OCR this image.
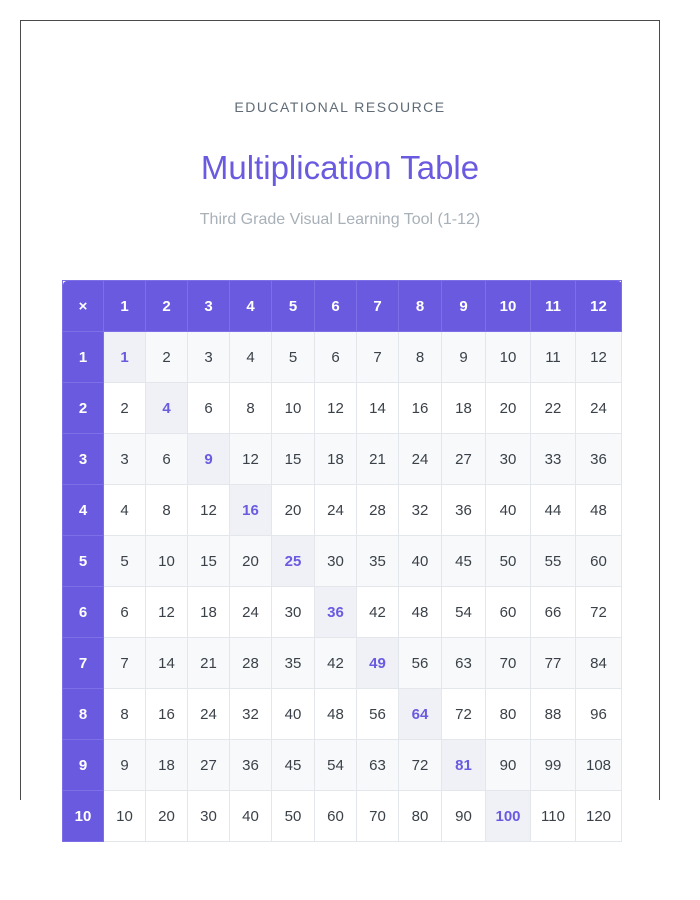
EDUCATIONAL RESOURCE
Multiplication Table
Third Grade Visual Learning Tool (1-12)
×	1	2	3	4	5	6	7	8	9	10	11	12
1	1	2	3	4	5	6	7	8	9	10	11	12
2	2	4	6	8	10	12	14	16	18	20	22	24
3	3	6	9	12	15	18	21	24	27	30	33	36
4	4	8	12	16	20	24	28	32	36	40	44	48
5	5	10	15	20	25	30	35	40	45	50	55	60
6	6	12	18	24	30	36	42	48	54	60	66	72
7	7	14	21	28	35	42	49	56	63	70	77	84
8	8	16	24	32	40	48	56	64	72	80	88	96
9	9	18	27	36	45	54	63	72	81	90	99	108
10	10	20	30	40	50	60	70	80	90	100	110	120
